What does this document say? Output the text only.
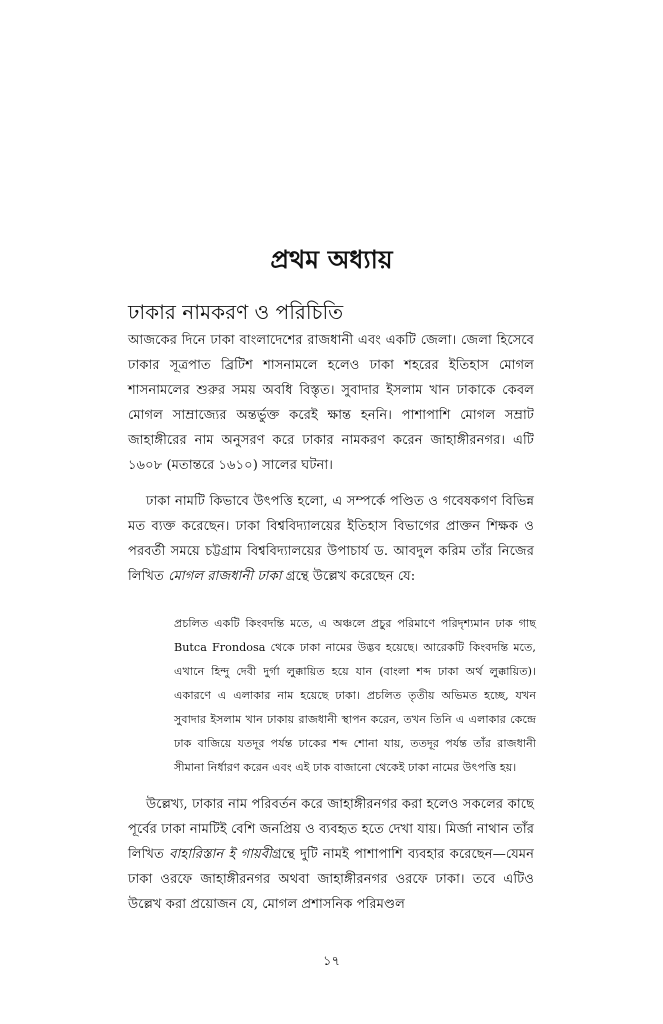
প্রথম অধ্যায়
ঢাকার নামকরণ ও পরিচিতি

আজকের দিনে ঢাকা বাংলাদেশের রাজধানী এবং একটি জেলা। জেলা হিসেবে ঢাকার সূত্রপাত ব্রিটিশ শাসনামলে হলেও ঢাকা শহরের ইতিহাস মোগল শাসনামলের শুরুর সময় অবধি বিস্তৃত। সুবাদার ইসলাম খান ঢাকাকে কেবল মোগল সাম্রাজ্যের অন্তর্ভুক্ত করেই ক্ষান্ত হননি। পাশাপাশি মোগল সম্রাট জাহাঙ্গীরের নাম অনুসরণ করে ঢাকার নামকরণ করেন জাহাঙ্গীরনগর। এটি ১৬০৮ (মতান্তরে ১৬১০) সালের ঘটনা।

ঢাকা নামটি কিভাবে উৎপত্তি হলো, এ সম্পর্কে পণ্ডিত ও গবেষকগণ বিভিন্ন মত ব্যক্ত করেছেন। ঢাকা বিশ্ববিদ্যালয়ের ইতিহাস বিভাগের প্রাক্তন শিক্ষক ও পরবর্তী সময়ে চট্টগ্রাম বিশ্ববিদ্যালয়ের উপাচার্য ড. আবদুল করিম তাঁর নিজের লিখিত মোগল রাজধানী ঢাকা গ্রন্থে উল্লেখ করেছেন যে:

প্রচলিত একটি কিংবদন্তি মতে, এ অঞ্চলে প্রচুর পরিমাণে পরিদৃশ্যমান ঢাক গাছ Butca Frondosa থেকে ঢাকা নামের উদ্ভব হয়েছে। আরেকটি কিংবদন্তি মতে, এখানে হিন্দু দেবী দুর্গা লুক্কায়িত হয়ে যান (বাংলা শব্দ ঢাকা অর্থ লুক্কায়িত)। একারণে এ এলাকার নাম হয়েছে ঢাকা। প্রচলিত তৃতীয় অভিমত হচ্ছে, যখন সুবাদার ইসলাম খান ঢাকায় রাজধানী স্থাপন করেন, তখন তিনি এ এলাকার কেন্দ্রে ঢাক বাজিয়ে যতদূর পর্যন্ত ঢাকের শব্দ শোনা যায়, ততদূর পর্যন্ত তাঁর রাজধানী সীমানা নির্ধারণ করেন এবং এই ঢাক বাজানো থেকেই ঢাকা নামের উৎপত্তি হয়।

উল্লেখ্য, ঢাকার নাম পরিবর্তন করে জাহাঙ্গীরনগর করা হলেও সকলের কাছে পূর্বের ঢাকা নামটিই বেশি জনপ্রিয় ও ব্যবহৃত হতে দেখা যায়। মির্জা নাথান তাঁর লিখিত বাহারিস্তান ই গায়বীগ্রন্থে দুটি নামই পাশাপাশি ব্যবহার করেছেন—যেমন ঢাকা ওরফে জাহাঙ্গীরনগর অথবা জাহাঙ্গীরনগর ওরফে ঢাকা। তবে এটিও উল্লেখ করা প্রয়োজন যে, মোগল প্রশাসনিক পরিমণ্ডল

১৭
